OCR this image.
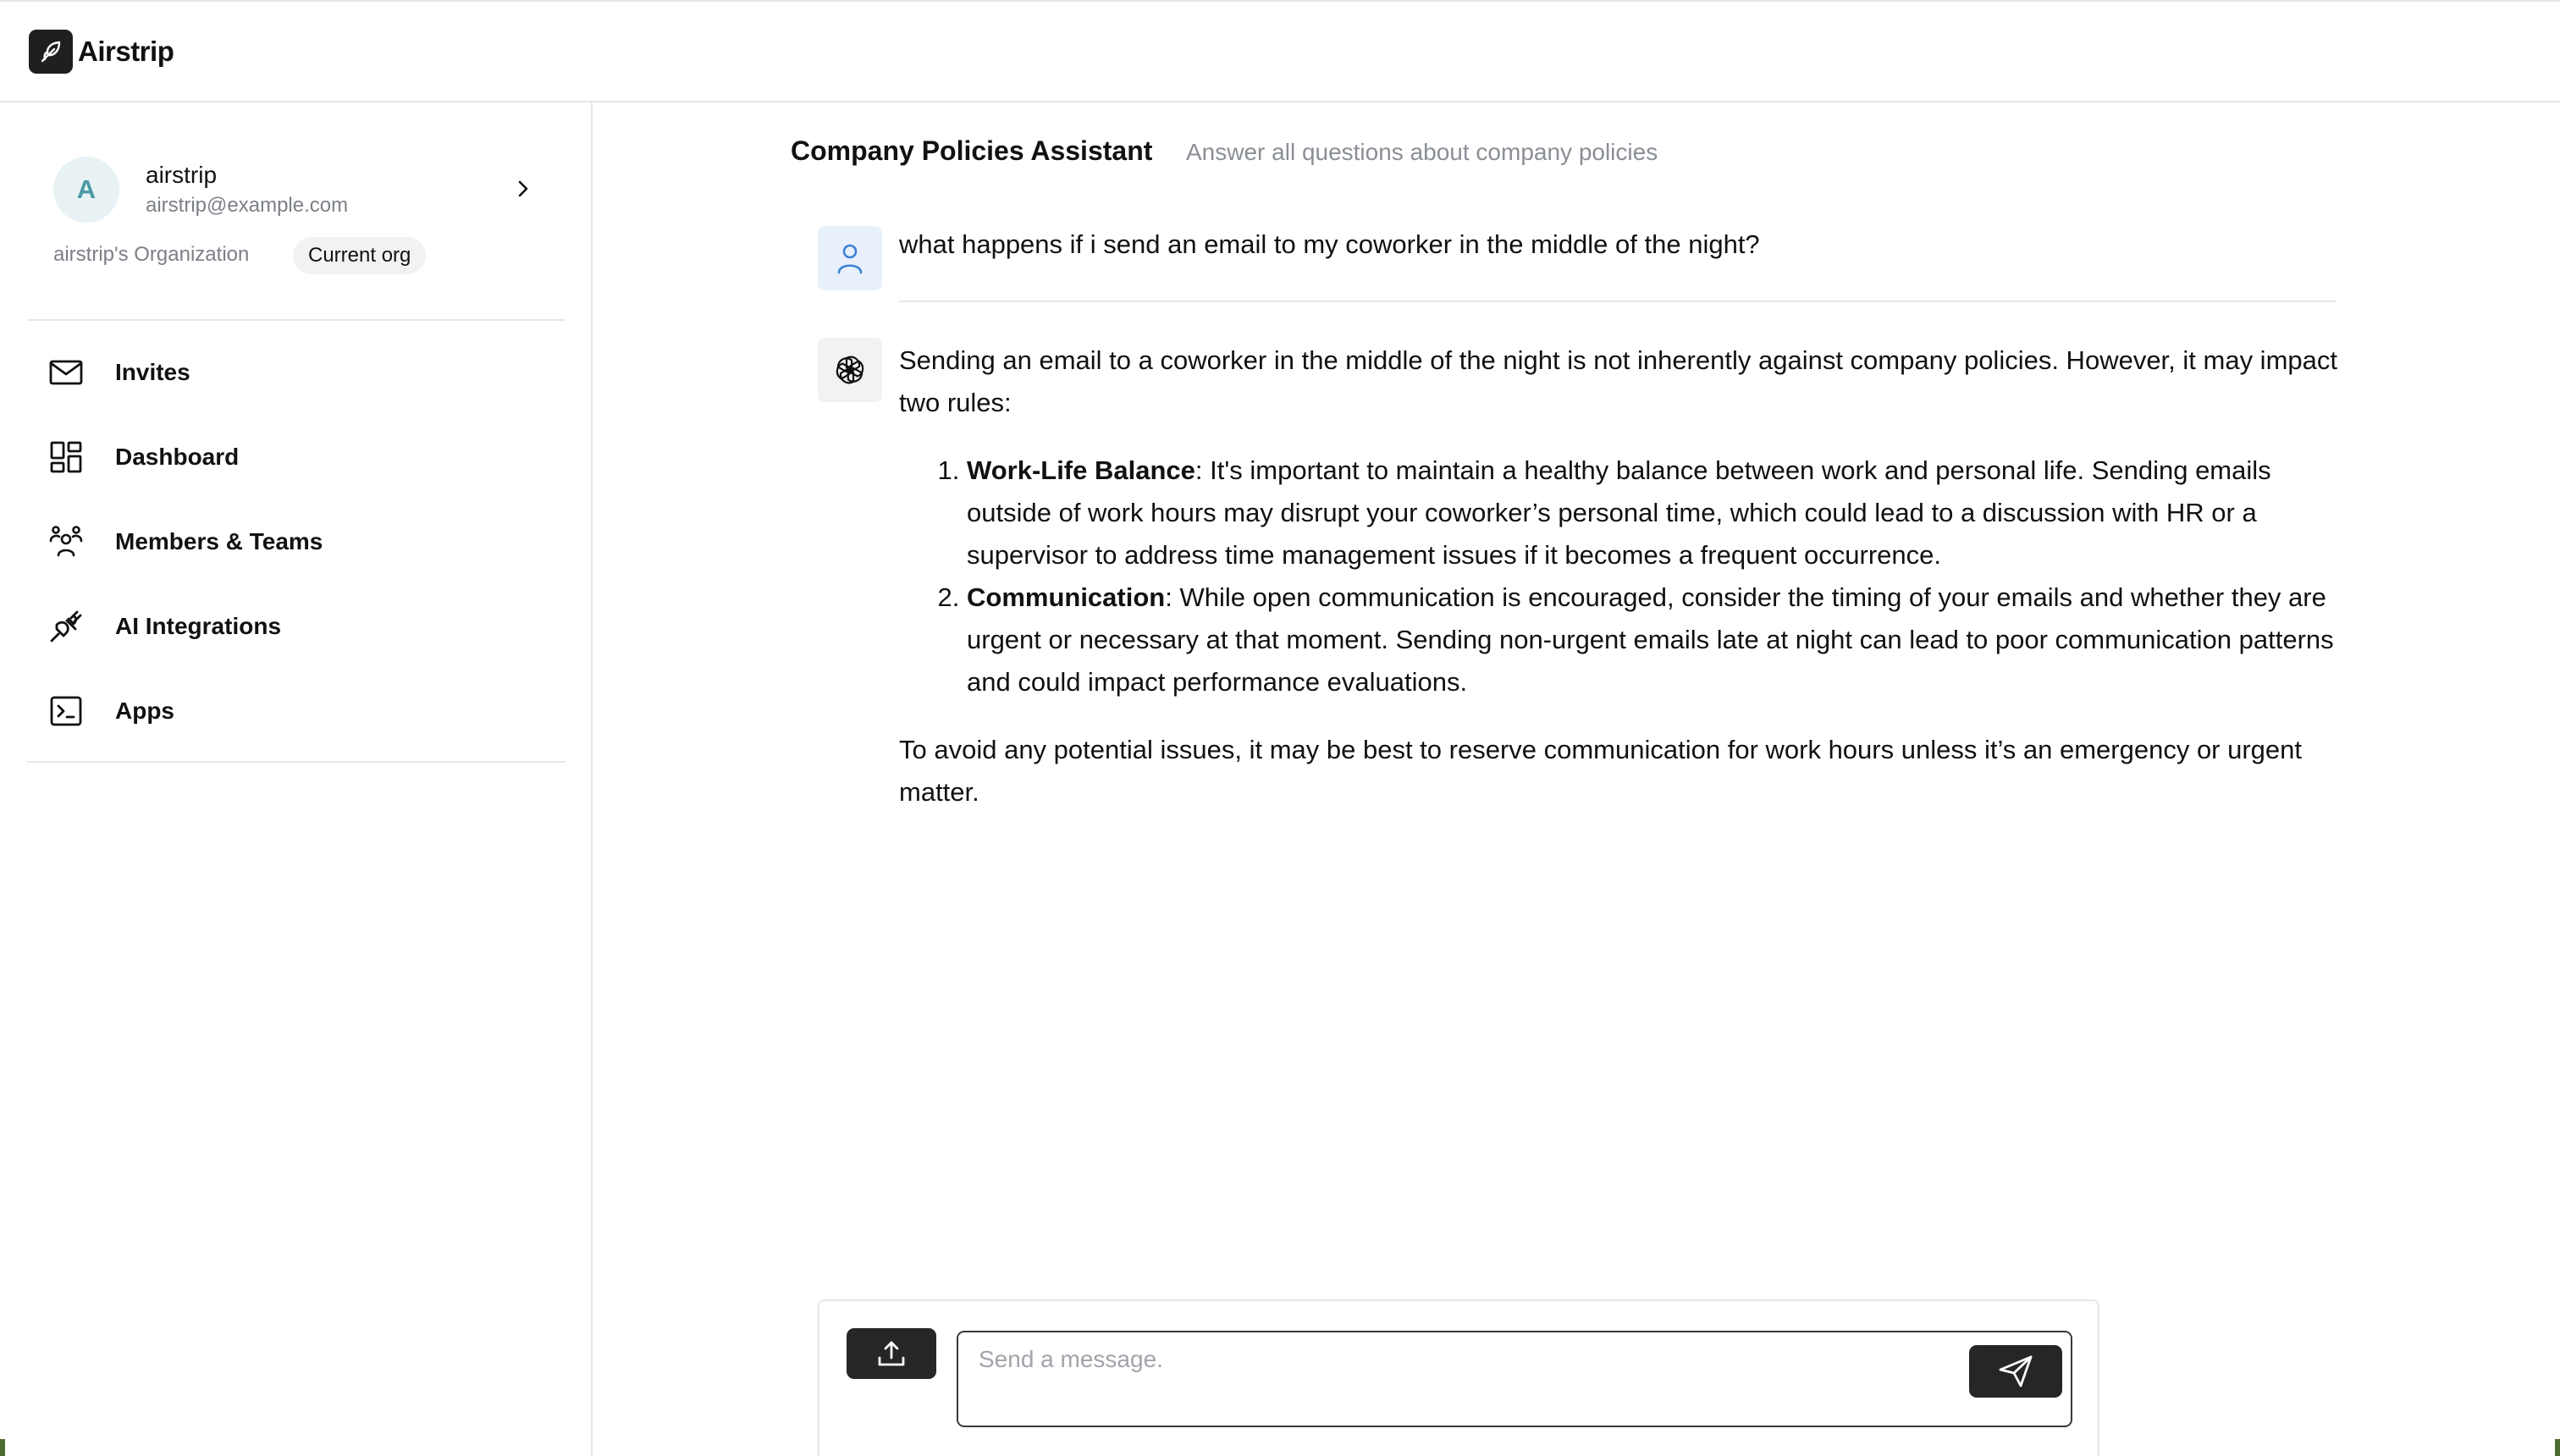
Airstrip
A	airstrip
airstrip@example.com
airstrip's Organization	Current org
Invites
Dashboard
Members & Teams
AI Integrations
Apps
Company Policies Assistant Answer all questions about company policies
what happens if i send an email to my coworker in the middle of the night?

Sending an email to a coworker in the middle of the night is not inherently against company policies. However, it may impact two rules:

1. Work-Life Balance: It's important to maintain a healthy balance between work and personal life. Sending emails outside of work hours may disrupt your coworker’s personal time, which could lead to a discussion with HR or a supervisor to address time management issues if it becomes a frequent occurrence.
2. Communication: While open communication is encouraged, consider the timing of your emails and whether they are urgent or necessary at that moment. Sending non-urgent emails late at night can lead to poor communication patterns and could impact performance evaluations.

To avoid any potential issues, it may be best to reserve communication for work hours unless it’s an emergency or urgent matter.

Send a message.
